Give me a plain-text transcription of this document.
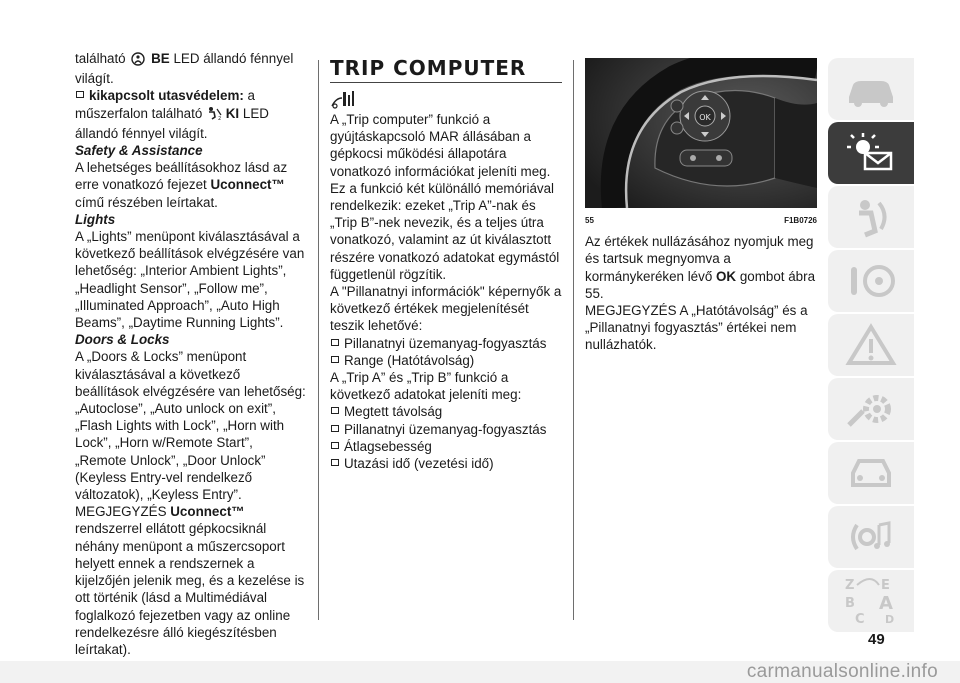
található BE LED állandó fénnyel világít.

kikapcsolt utasvédelem: a

műszerfalon található	2 KI LED állandó fénnyel világít.

Safety & Assistance

A lehetséges beállításokhoz lásd az erre vonatkozó fejezet Uconnect™ című részében leírtakat.

Lights

A „Lights” menüpont kiválasztásával a következő beállítások elvégzésére van lehetőség: „Interior Ambient Lights”, „Headlight Sensor”, „Follow me”, „Illuminated Approach”, „Auto High Beams”, „Daytime Running Lights”.

Doors & Locks

A „Doors & Locks” menüpont kiválasztásával a következő beállítások elvégzésére van lehetőség: „Autoclose”, „Auto unlock on exit”, „Flash Lights with Lock”, „Horn with Lock”, „Horn w/Remote Start”, „Remote Unlock”, „Door Unlock” (Keyless Entry-vel rendelkező változatok), „Keyless Entry”.

MEGJEGYZÉS Uconnect™ rendszerrel ellátott gépkocsiknál néhány menüpont a műszercsoport helyett ennek a rendszernek a kijelzőjén jelenik meg, és a kezelése is ott történik (lásd a Multimédiával foglalkozó fejezetben vagy az online rendelkezésre álló kiegészítésben leírtakat).

TRIP COMPUTER

A „Trip computer” funkció a gyújtáskapcsoló MAR állásában a gépkocsi működési állapotára vonatkozó információkat jeleníti meg.

Ez a funkció két különálló memóriával rendelkezik: ezeket „Trip A”-nak és „Trip B”-nek nevezik, és a teljes útra vonatkozó, valamint az út kiválasztott részére vonatkozó adatokat egymástól függetlenül rögzítik.

A "Pillanatnyi információk" képernyők a következő értékek megjelenítését teszik lehetővé:

Pillanatnyi üzemanyag-fogyasztás

Range (Hatótávolság)

A „Trip A” és „Trip B” funkció a következő adatokat jeleníti meg:

Megtett távolság

Pillanatnyi üzemanyag-fogyasztás

Átlagsebesség

Utazási idő (vezetési idő)

OK
55	F1B0726

Az értékek nullázásához nyomjuk meg és tartsuk megnyomva a kormánykeréken lévő OK gombot ábra 55.

MEGJEGYZÉS A „Hatótávolság” és a „Pillanatnyi fogyasztás” értékei nem nullázhatók.

Z E
B A
C D
49
carmanualsonline.info
